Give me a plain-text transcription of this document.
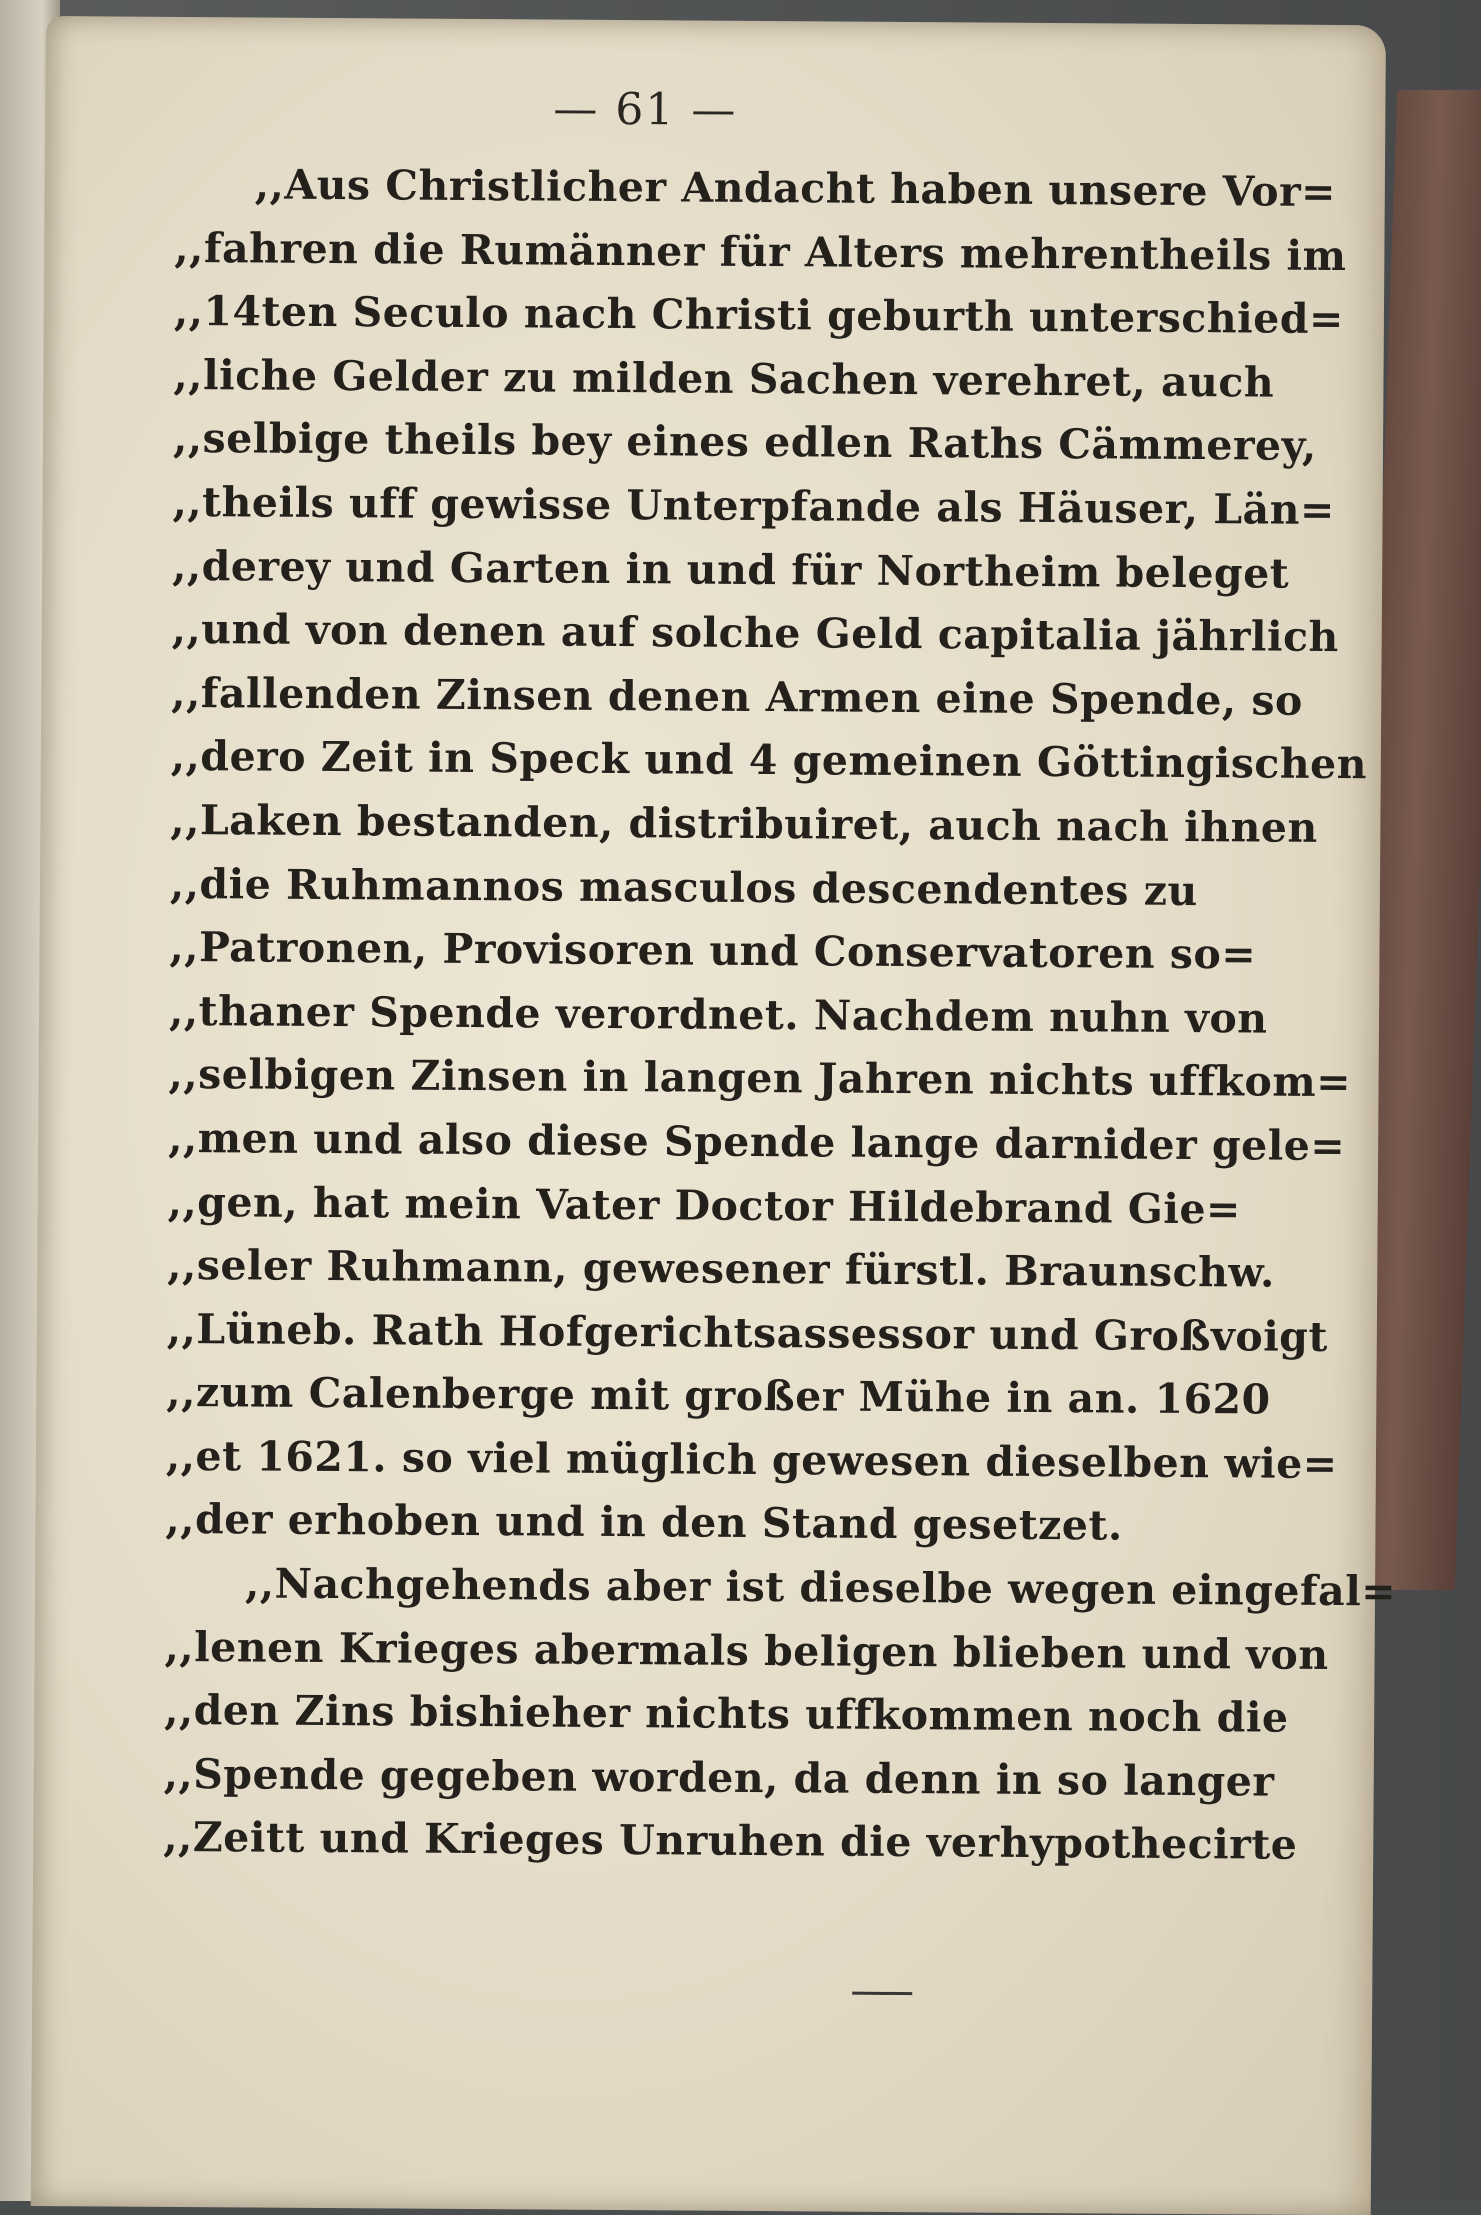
— 61 —
,,Aus Christlicher Andacht haben unsere Vor=
,,fahren die Rumänner für Alters mehrentheils im
,,14ten Seculo nach Christi geburth unterschied=
,,liche Gelder zu milden Sachen verehret, auch
,,selbige theils bey eines edlen Raths Cämmerey,
,,theils uff gewisse Unterpfande als Häuser, Län=
,,derey und Garten in und für Northeim beleget
,,und von denen auf solche Geld capitalia jährlich
,,fallenden Zinsen denen Armen eine Spende, so
,,dero Zeit in Speck und 4 gemeinen Göttingischen
,,Laken bestanden, distribuiret, auch nach ihnen
,,die Ruhmannos masculos descendentes zu
,,Patronen, Provisoren und Conservatoren so=
,,thaner Spende verordnet. Nachdem nuhn von
,,selbigen Zinsen in langen Jahren nichts uffkom=
,,men und also diese Spende lange darnider gele=
,,gen, hat mein Vater Doctor Hildebrand Gie=
,,seler Ruhmann, gewesener fürstl. Braunschw.
,,Lüneb. Rath Hofgerichtsassessor und Großvoigt
,,zum Calenberge mit großer Mühe in an. 1620
,,et 1621. so viel müglich gewesen dieselben wie=
,,der erhoben und in den Stand gesetzet.
,,Nachgehends aber ist dieselbe wegen eingefal=
,,lenen Krieges abermals beligen blieben und von
,,den Zins bishieher nichts uffkommen noch die
,,Spende gegeben worden, da denn in so langer
,,Zeitt und Krieges Unruhen die verhypothecirte
